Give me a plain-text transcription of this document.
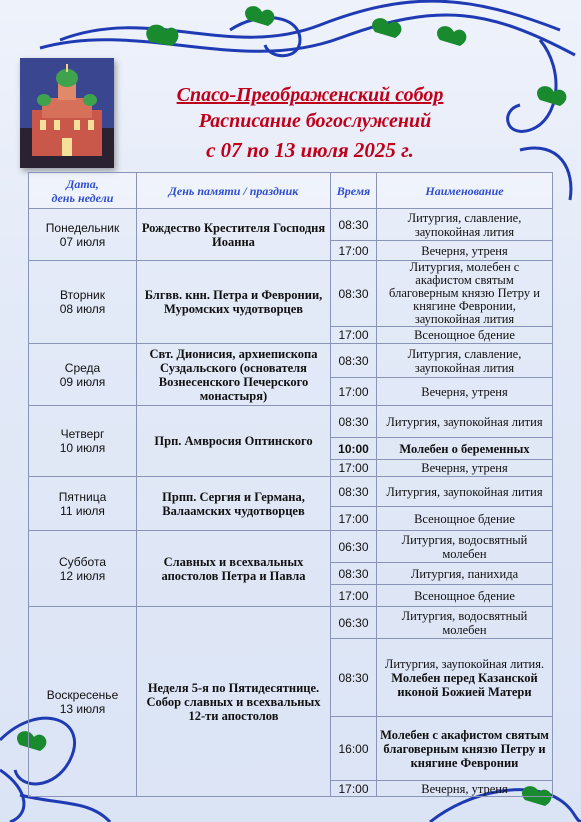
Спасо-Преображенский собор
Расписание богослужений
с 07 по 13 июля 2025 г.
Дата,
день недели	День памяти / праздник	Время	Наименование
Понедельник
07 июля	Рождество Крестителя Господня Иоанна	08:30	Литургия, славление, заупокойная лития
		17:00	Вечерня, утреня
Вторник
08 июля	Блгвв. кнн. Петра и Февронии, Муромских чудотворцев	08:30	Литургия, молебен с акафистом святым благоверным князю Петру и княгине Февронии, заупокойная лития
		17:00	Всенощное бдение
Среда
09 июля	Свт. Дионисия, архиепископа Суздальского (основателя Вознесенского Печерского монастыря)	08:30	Литургия, славление, заупокойная лития
		17:00	Вечерня, утреня
Четверг
10 июля	Прп. Амвросия Оптинского	08:30	Литургия, заупокойная лития
		10:00	Молебен о беременных
		17:00	Вечерня, утреня
Пятница
11 июля	Прпп. Сергия и Германа, Валаамских чудотворцев	08:30	Литургия, заупокойная лития
		17:00	Всенощное бдение
Суббота
12 июля	Славных и всехвальных апостолов Петра и Павла	06:30	Литургия, водосвятный молебен
		08:30	Литургия, панихида
		17:00	Всенощное бдение
Воскресенье
13 июля	Неделя 5-я по Пятидесятнице. Собор славных и всехвальных 12-ти апостолов	06:30	Литургия, водосвятный молебен
		08:30	Литургия, заупокойная лития.
Молебен перед Казанской иконой Божией Матери
		16:00	Молебен с акафистом святым благоверным князю Петру и княгине Февронии
		17:00	Вечерня, утреня
